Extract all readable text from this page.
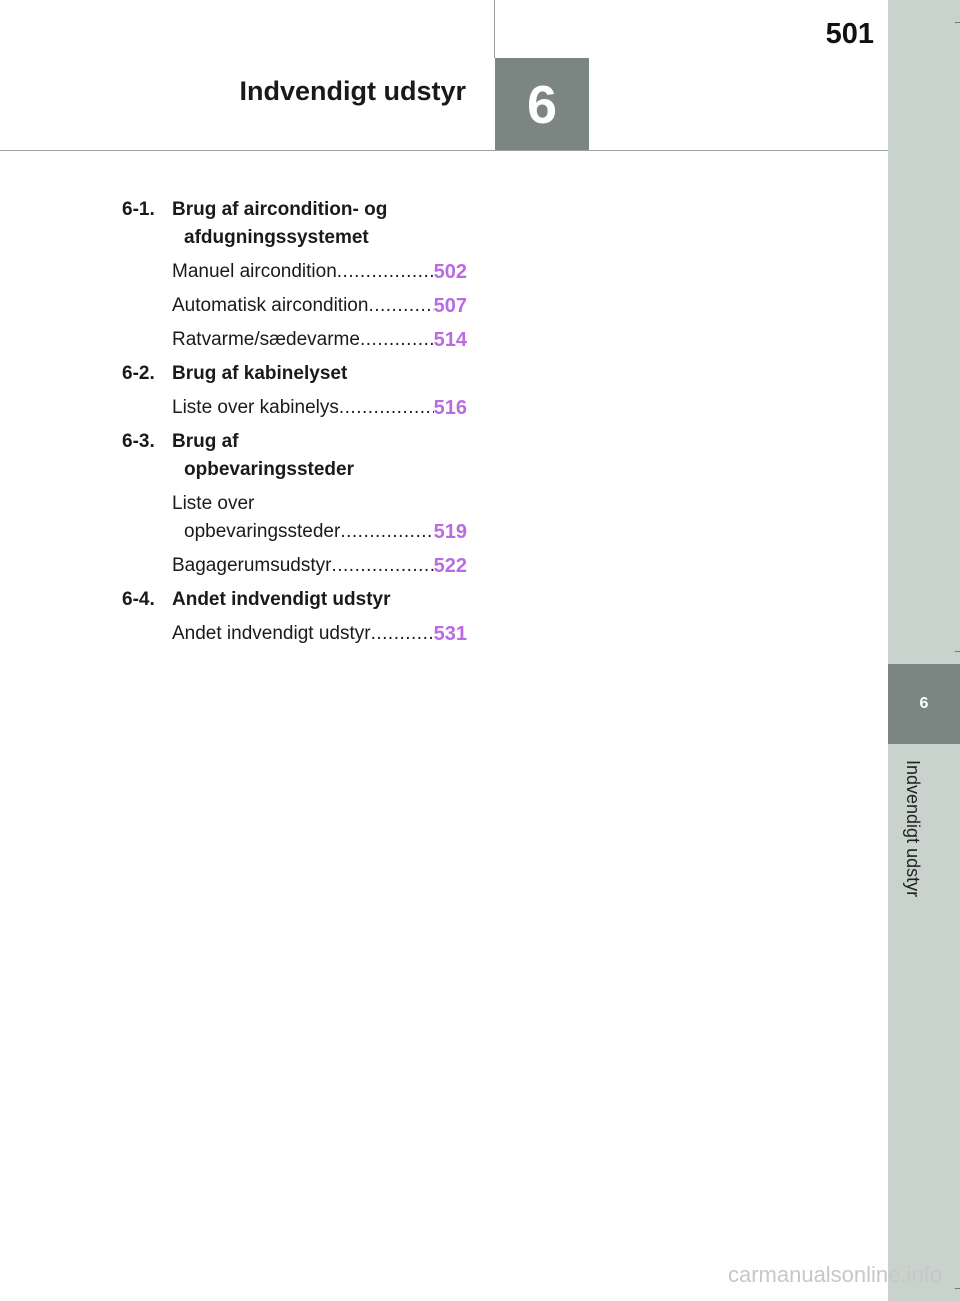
6
Indvendigt udstyr
501
6
Indvendigt udstyr
6-1. Brug af aircondition- og
afdugningssystemet
Manuel aircondition .....	502
Automatisk aircondition .....	507
Ratvarme/sædevarme .....	514
6-2. Brug af kabinelyset
Liste over kabinelys .....	516
6-3. Brug af
opbevaringssteder
Liste over
opbevaringssteder .....	519
Bagagerumsudstyr .....	522
6-4. Andet indvendigt udstyr
Andet indvendigt udstyr .....	531
carmanualsonline.info
